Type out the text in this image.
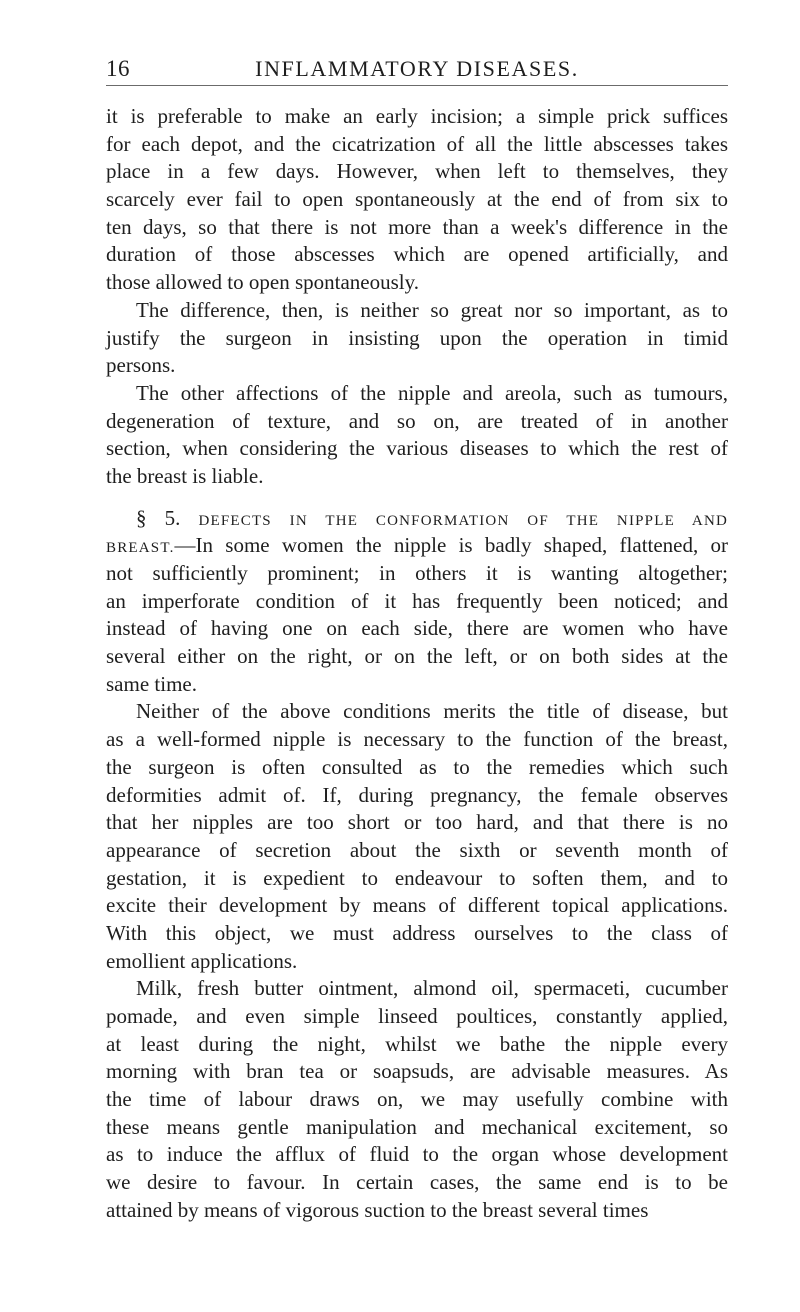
16	INFLAMMATORY DISEASES.
it is preferable to make an early incision; a simple prick suffices
for each depot, and the cicatrization of all the little abscesses takes
place in a few days. However, when left to themselves, they
scarcely ever fail to open spontaneously at the end of from six to
ten days, so that there is not more than a week's difference in the
duration of those abscesses which are opened artificially, and
those allowed to open spontaneously.
The difference, then, is neither so great nor so important, as to
justify the surgeon in insisting upon the operation in timid
persons.
The other affections of the nipple and areola, such as tumours,
degeneration of texture, and so on, are treated of in another
section, when considering the various diseases to which the rest of
the breast is liable.
§ 5. DEFECTS IN THE CONFORMATION OF THE NIPPLE AND
BREAST.—In some women the nipple is badly shaped, flattened, or
not sufficiently prominent; in others it is wanting altogether;
an imperforate condition of it has frequently been noticed; and
instead of having one on each side, there are women who have
several either on the right, or on the left, or on both sides at the
same time.
Neither of the above conditions merits the title of disease, but
as a well-formed nipple is necessary to the function of the breast,
the surgeon is often consulted as to the remedies which such
deformities admit of. If, during pregnancy, the female observes
that her nipples are too short or too hard, and that there is no
appearance of secretion about the sixth or seventh month of
gestation, it is expedient to endeavour to soften them, and to
excite their development by means of different topical applications.
With this object, we must address ourselves to the class of
emollient applications.
Milk, fresh butter ointment, almond oil, spermaceti, cucumber
pomade, and even simple linseed poultices, constantly applied,
at least during the night, whilst we bathe the nipple every
morning with bran tea or soapsuds, are advisable measures. As
the time of labour draws on, we may usefully combine with
these means gentle manipulation and mechanical excitement, so
as to induce the afflux of fluid to the organ whose development
we desire to favour. In certain cases, the same end is to be
attained by means of vigorous suction to the breast several times
